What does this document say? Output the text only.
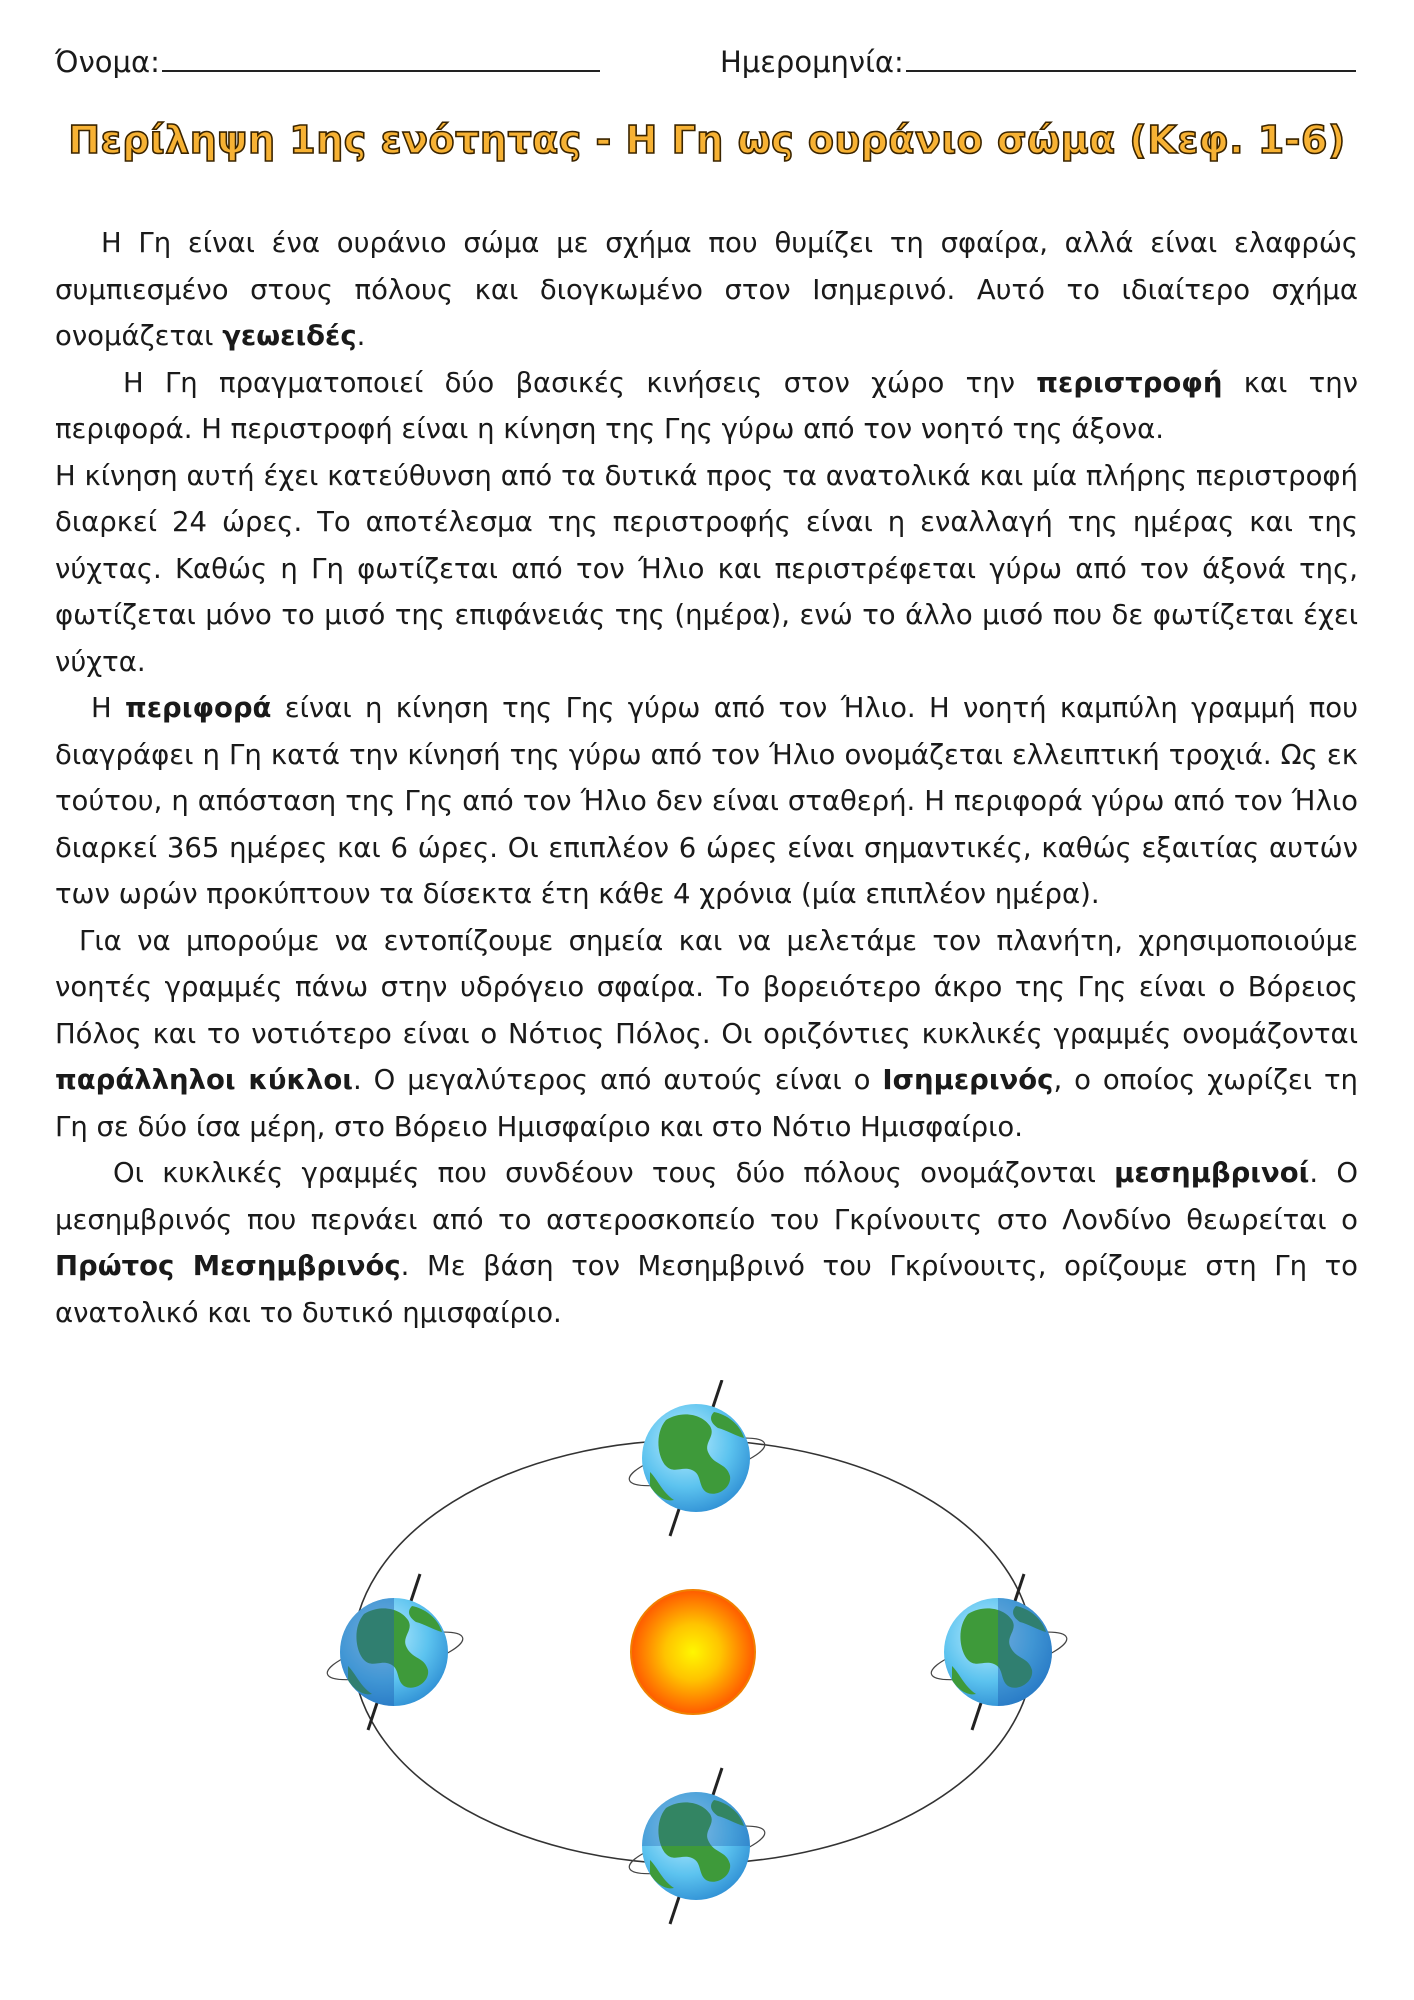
Όνομα:	Ημερομηνία:
Περίληψη 1ης ενότητας - Η Γη ως ουράνιο σώμα (Κεφ. 1-6)

Η Γη είναι ένα ουράνιο σώμα με σχήμα που θυμίζει τη σφαίρα, αλλά είναι ελαφρώς συμπιεσμένο στους πόλους και διογκωμένο στον Ισημερινό. Αυτό το ιδιαίτερο σχήμα ονομάζεται γεωειδές.

Η Γη πραγματοποιεί δύο βασικές κινήσεις στον χώρο την περιστροφή και την περιφορά. Η περιστροφή είναι η κίνηση της Γης γύρω από τον νοητό της άξονα.

Η κίνηση αυτή έχει κατεύθυνση από τα δυτικά προς τα ανατολικά και μία πλήρης περιστροφή διαρκεί 24 ώρες. Το αποτέλεσμα της περιστροφής είναι η εναλλαγή της ημέρας και της νύχτας. Καθώς η Γη φωτίζεται από τον Ήλιο και περιστρέφεται γύρω από τον άξονά της, φωτίζεται μόνο το μισό της επιφάνειάς της (ημέρα), ενώ το άλλο μισό που δε φωτίζεται έχει νύχτα.

Η περιφορά είναι η κίνηση της Γης γύρω από τον Ήλιο. Η νοητή καμπύλη γραμμή που διαγράφει η Γη κατά την κίνησή της γύρω από τον Ήλιο ονομάζεται ελλειπτική τροχιά. Ως εκ τούτου, η απόσταση της Γης από τον Ήλιο δεν είναι σταθερή. Η περιφορά γύρω από τον Ήλιο διαρκεί 365 ημέρες και 6 ώρες. Οι επιπλέον 6 ώρες είναι σημαντικές, καθώς εξαιτίας αυτών των ωρών προκύπτουν τα δίσεκτα έτη κάθε 4 χρόνια (μία επιπλέον ημέρα).

Για να μπορούμε να εντοπίζουμε σημεία και να μελετάμε τον πλανήτη, χρησιμοποιούμε νοητές γραμμές πάνω στην υδρόγειο σφαίρα. Το βορειότερο άκρο της Γης είναι ο Βόρειος Πόλος και το νοτιότερο είναι ο Νότιος Πόλος. Οι οριζόντιες κυκλικές γραμμές ονομάζονται παράλληλοι κύκλοι. Ο μεγαλύτερος από αυτούς είναι ο Ισημερινός, ο οποίος χωρίζει τη Γη σε δύο ίσα μέρη, στο Βόρειο Ημισφαίριο και στο Νότιο Ημισφαίριο.

Οι κυκλικές γραμμές που συνδέουν τους δύο πόλους ονομάζονται μεσημβρινοί. Ο μεσημβρινός που περνάει από το αστεροσκοπείο του Γκρίνουιτς στο Λονδίνο θεωρείται ο Πρώτος Μεσημβρινός. Με βάση τον Μεσημβρινό του Γκρίνουιτς, ορίζουμε στη Γη το ανατολικό και το δυτικό ημισφαίριο.
